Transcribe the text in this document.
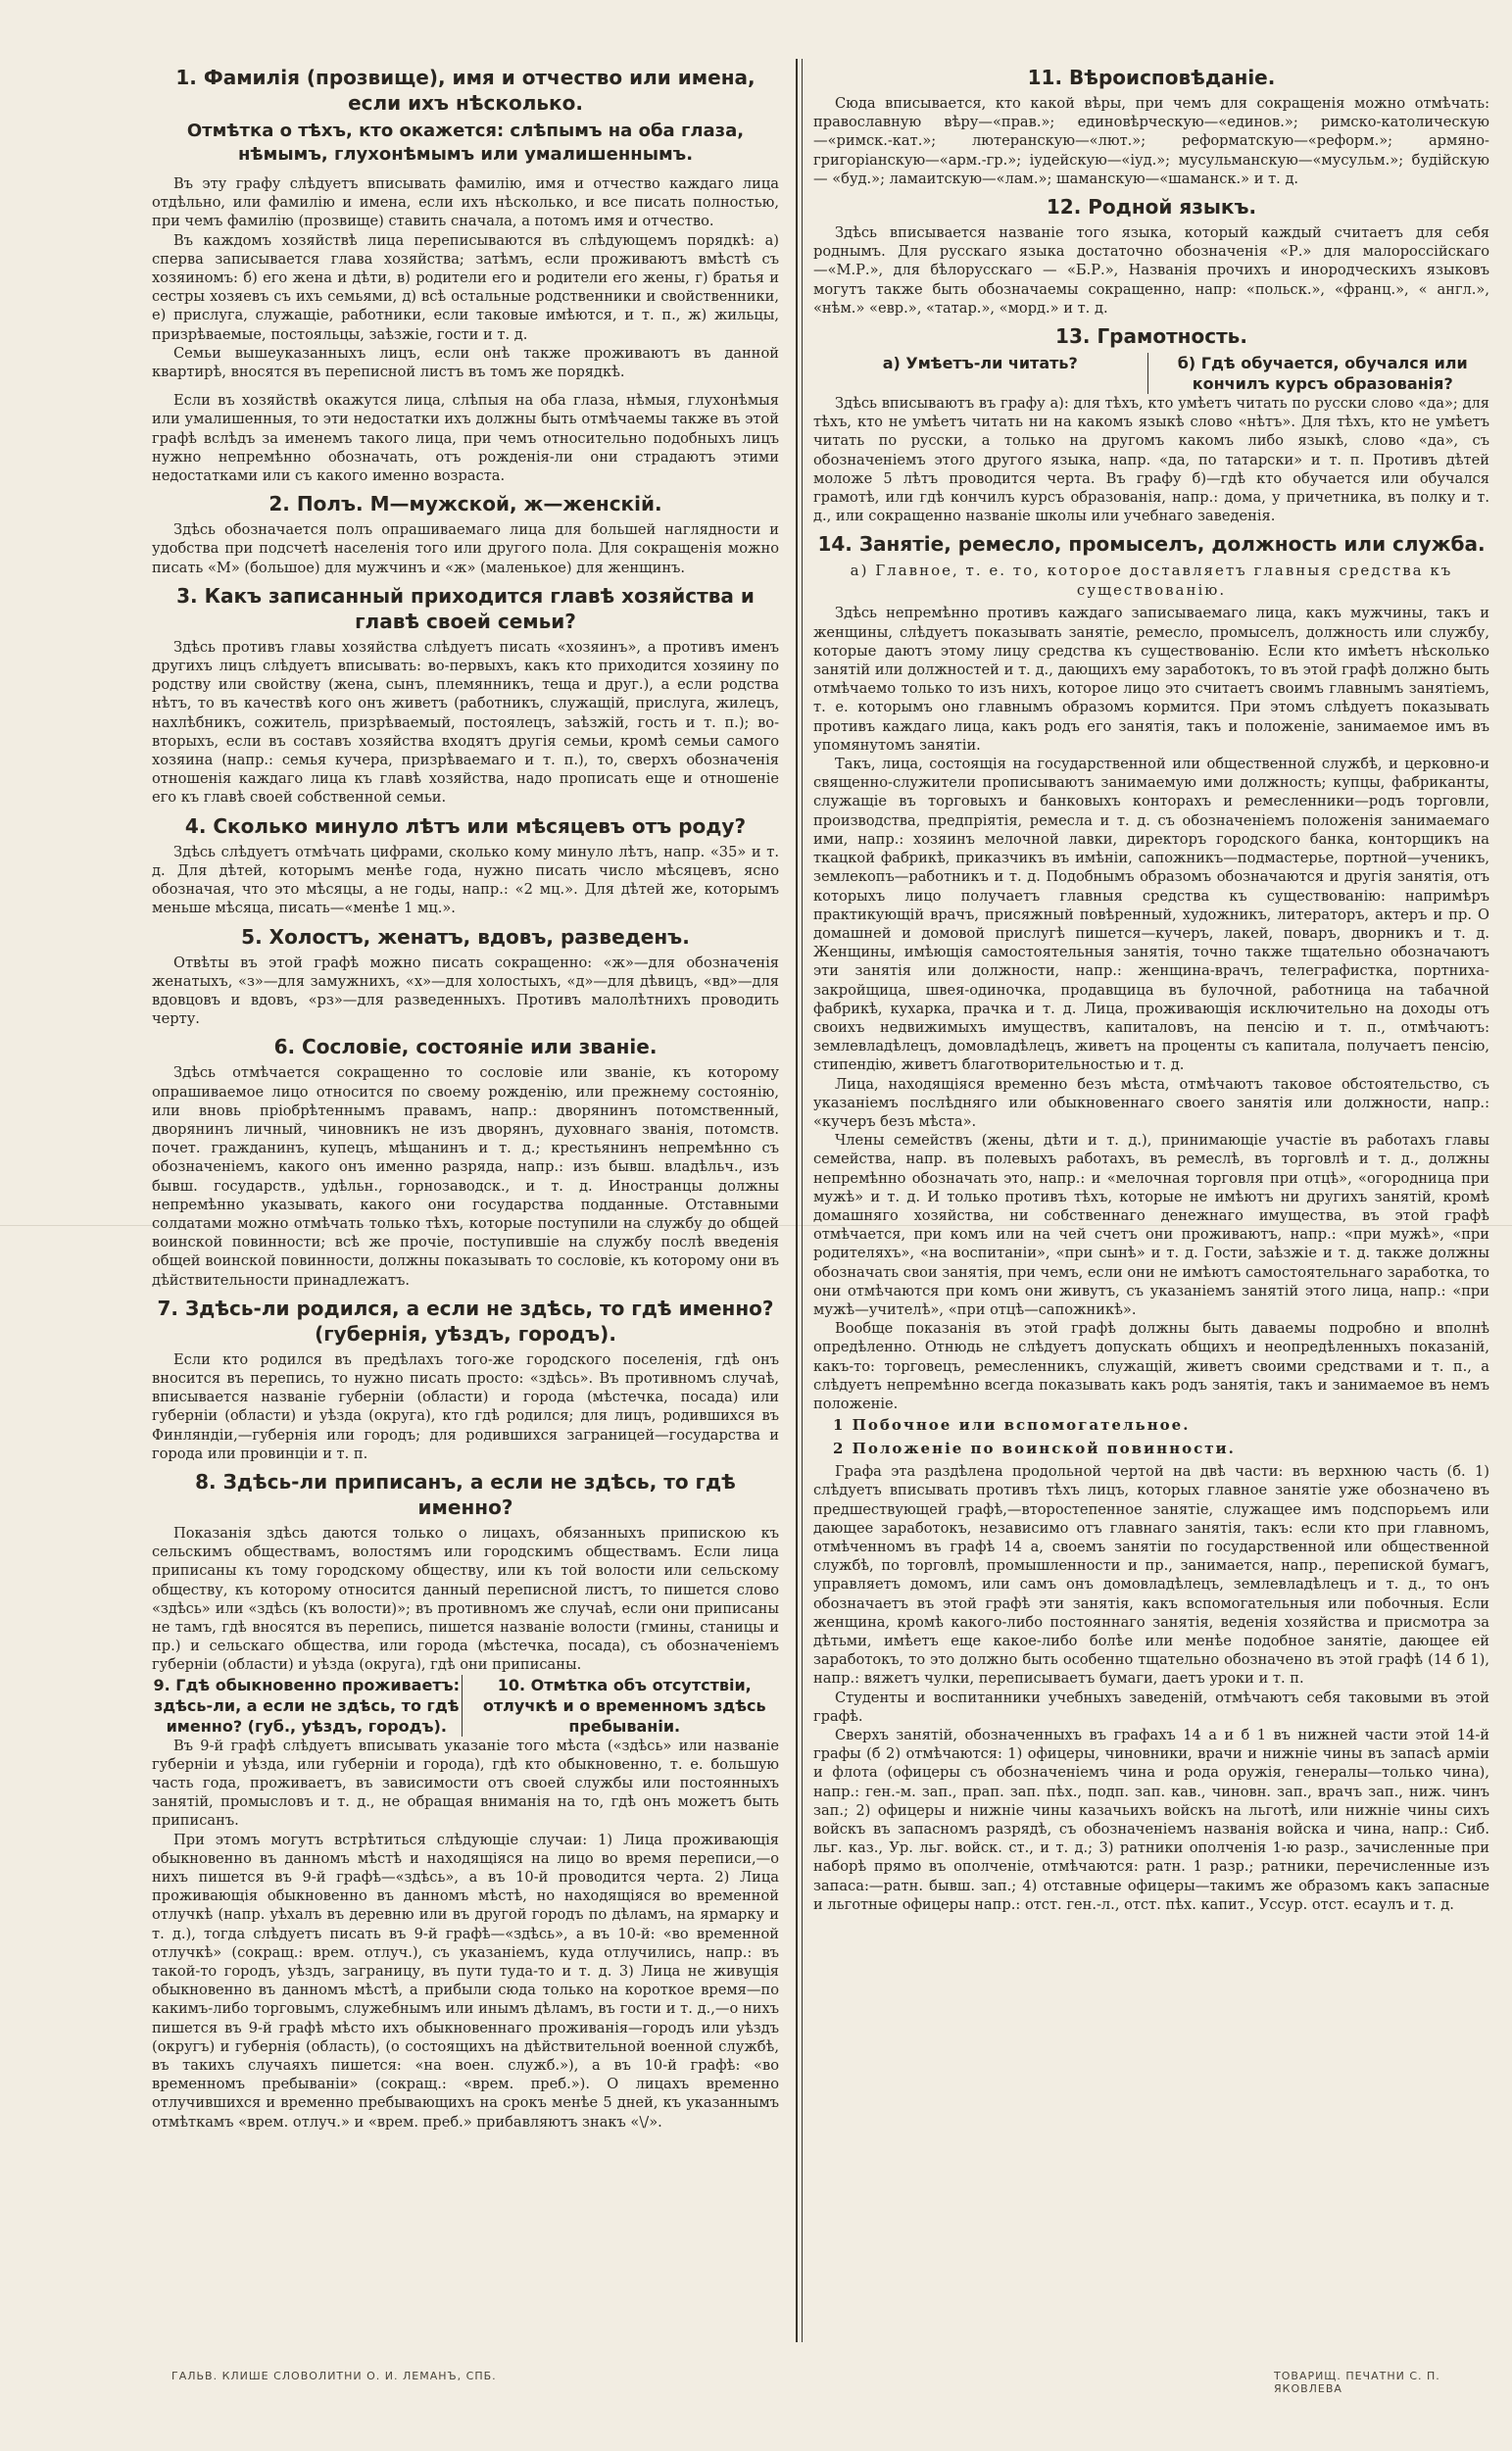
1. Фамилія (прозвище), имя и отчество или имена, если ихъ нѣсколько.
Отмѣтка о тѣхъ, кто окажется: слѣпымъ на оба глаза, нѣмымъ, глухонѣмымъ или умалишеннымъ.

Въ эту графу слѣдуетъ вписывать фамилію, имя и отчество каждаго лица отдѣльно, или фамилію и имена, если ихъ нѣсколько, и все писать полностью, при чемъ фамилію (прозвище) ставить сначала, а потомъ имя и отчество.

Въ каждомъ хозяйствѣ лица переписываются въ слѣдующемъ порядкѣ: а) сперва записывается глава хозяйства; затѣмъ, если проживаютъ вмѣстѣ съ хозяиномъ: б) его жена и дѣти, в) родители его и родители его жены, г) братья и сестры хозяевъ съ ихъ семьями, д) всѣ остальные родственники и свойственники, е) прислуга, служащіе, работники, если таковые имѣются, и т. п., ж) жильцы, призрѣваемые, постояльцы, заѣзжіе, гости и т. д.

Семьи вышеуказанныхъ лицъ, если онѣ также проживаютъ въ данной квартирѣ, вносятся въ переписной листъ въ томъ же порядкѣ.

Если въ хозяйствѣ окажутся лица, слѣпыя на оба глаза, нѣмыя, глухонѣмыя или умалишенныя, то эти недостатки ихъ должны быть отмѣчаемы также въ этой графѣ вслѣдъ за именемъ такого лица, при чемъ относительно подобныхъ лицъ нужно непремѣнно обозначать, отъ рожденія-ли они страдаютъ этими недостатками или съ какого именно возраста.

2. Полъ. М—мужской, ж—женскій.

Здѣсь обозначается полъ опрашиваемаго лица для большей наглядности и удобства при подсчетѣ населенія того или другого пола. Для сокращенія можно писать «М» (большое) для мужчинъ и «ж» (маленькое) для женщинъ.

3. Какъ записанный приходится главѣ хозяйства и главѣ своей семьи?

Здѣсь противъ главы хозяйства слѣдуетъ писать «хозяинъ», а противъ именъ другихъ лицъ слѣдуетъ вписывать: во-первыхъ, какъ кто приходится хозяину по родству или свойству (жена, сынъ, племянникъ, теща и друг.), а если родства нѣтъ, то въ качествѣ кого онъ живетъ (работникъ, служащій, прислуга, жилецъ, нахлѣбникъ, сожитель, призрѣваемый, постоялецъ, заѣзжій, гость и т. п.); во-вторыхъ, если въ составъ хозяйства входятъ другія семьи, кромѣ семьи самого хозяина (напр.: семья кучера, призрѣваемаго и т. п.), то, сверхъ обозначенія отношенія каждаго лица къ главѣ хозяйства, надо прописать еще и отношеніе его къ главѣ своей собственной семьи.

4. Сколько минуло лѣтъ или мѣсяцевъ отъ роду?

Здѣсь слѣдуетъ отмѣчать цифрами, сколько кому минуло лѣтъ, напр. «35» и т. д. Для дѣтей, которымъ менѣе года, нужно писать число мѣсяцевъ, ясно обозначая, что это мѣсяцы, а не годы, напр.: «2 мц.». Для дѣтей же, которымъ меньше мѣсяца, писать—«менѣе 1 мц.».

5. Холостъ, женатъ, вдовъ, разведенъ.

Отвѣты въ этой графѣ можно писать сокращенно: «ж»—для обозначенія женатыхъ, «з»—для замужнихъ, «х»—для холостыхъ, «д»—для дѣвицъ, «вд»—для вдовцовъ и вдовъ, «рз»—для разведенныхъ. Противъ малолѣтнихъ проводить черту.

6. Сословіе, состояніе или званіе.

Здѣсь отмѣчается сокращенно то сословіе или званіе, къ которому опрашиваемое лицо относится по своему рожденію, или прежнему состоянію, или вновь пріобрѣтеннымъ правамъ, напр.: дворянинъ потомственный, дворянинъ личный, чиновникъ не изъ дворянъ, духовнаго званія, потомств. почет. гражданинъ, купецъ, мѣщанинъ и т. д.; крестьянинъ непремѣнно съ обозначеніемъ, какого онъ именно разряда, напр.: изъ бывш. владѣльч., изъ бывш. государств., удѣльн., горнозаводск., и т. д. Иностранцы должны непремѣнно указывать, какого они государства подданные. Отставными солдатами можно отмѣчать только тѣхъ, которые поступили на службу до общей воинской повинности; всѣ же прочіе, поступившіе на службу послѣ введенія общей воинской повинности, должны показывать то сословіе, къ которому они въ дѣйствительности принадлежатъ.

7. Здѣсь-ли родился, а если не здѣсь, то гдѣ именно? (губернія, уѣздъ, городъ).

Если кто родился въ предѣлахъ того-же городского поселенія, гдѣ онъ вносится въ перепись, то нужно писать просто: «здѣсь». Въ противномъ случаѣ, вписывается названіе губерніи (области) и города (мѣстечка, посада) или губерніи (области) и уѣзда (округа), кто гдѣ родился; для лицъ, родившихся въ Финляндіи,—губернія или городъ; для родившихся заграницей—государства и города или провинціи и т. п.

8. Здѣсь-ли приписанъ, а если не здѣсь, то гдѣ именно?

Показанія здѣсь даются только о лицахъ, обязанныхъ припискою къ сельскимъ обществамъ, волостямъ или городскимъ обществамъ. Если лица приписаны къ тому городскому обществу, или къ той волости или сельскому обществу, къ которому относится данный переписной листъ, то пишется слово «здѣсь» или «здѣсь (къ волости)»; въ противномъ же случаѣ, если они приписаны не тамъ, гдѣ вносятся въ перепись, пишется названіе волости (гмины, станицы и пр.) и сельскаго общества, или города (мѣстечка, посада), съ обозначеніемъ губерніи (области) и уѣзда (округа), гдѣ они приписаны.

9. Гдѣ обыкновенно проживаетъ: здѣсь-ли, а если не здѣсь, то гдѣ именно? (губ., уѣздъ, городъ).
10. Отмѣтка объ отсутствіи, отлучкѣ и о временномъ здѣсь пребываніи.

Въ 9-й графѣ слѣдуетъ вписывать указаніе того мѣста («здѣсь» или названіе губерніи и уѣзда, или губерніи и города), гдѣ кто обыкновенно, т. е. большую часть года, проживаетъ, въ зависимости отъ своей службы или постоянныхъ занятій, промысловъ и т. д., не обращая вниманія на то, гдѣ онъ можетъ быть приписанъ.

При этомъ могутъ встрѣтиться слѣдующіе случаи: 1) Лица проживающія обыкновенно въ данномъ мѣстѣ и находящіяся на лицо во время переписи,—о нихъ пишется въ 9-й графѣ—«здѣсь», а въ 10-й проводится черта. 2) Лица проживающія обыкновенно въ данномъ мѣстѣ, но находящіяся во временной отлучкѣ (напр. уѣхалъ въ деревню или въ другой городъ по дѣламъ, на ярмарку и т. д.), тогда слѣдуетъ писать въ 9-й графѣ—«здѣсь», а въ 10-й: «во временной отлучкѣ» (сокращ.: врем. отлуч.), съ указаніемъ, куда отлучились, напр.: въ такой-то городъ, уѣздъ, заграницу, въ пути туда-то и т. д. 3) Лица не живущія обыкновенно въ данномъ мѣстѣ, а прибыли сюда только на короткое время—по какимъ-либо торговымъ, служебнымъ или инымъ дѣламъ, въ гости и т. д.,—о нихъ пишется въ 9-й графѣ мѣсто ихъ обыкновеннаго проживанія—городъ или уѣздъ (округъ) и губернія (область), (о состоящихъ на дѣйствительной военной службѣ, въ такихъ случаяхъ пишется: «на воен. служб.»), а въ 10-й графѣ: «во временномъ пребываніи» (сокращ.: «врем. преб.»). О лицахъ временно отлучившихся и временно пребывающихъ на срокъ менѣе 5 дней, къ указаннымъ отмѣткамъ «врем. отлуч.» и «врем. преб.» прибавляютъ знакъ «\/».

11. Вѣроисповѣданіе.

Сюда вписывается, кто какой вѣры, при чемъ для сокращенія можно отмѣчать: православную вѣру—«прав.»; единовѣрческую—«единов.»; римско-католическую—«римск.-кат.»; лютеранскую—«лют.»; реформатскую—«реформ.»; армяно-григоріанскую—«арм.-гр.»; іудейскую—«іуд.»; мусульманскую—«мусульм.»; будійскую — «буд.»; ламаитскую—«лам.»; шаманскую—«шаманск.» и т. д.

12. Родной языкъ.

Здѣсь вписывается названіе того языка, который каждый считаетъ для себя роднымъ. Для русскаго языка достаточно обозначенія «Р.» для малороссійскаго—«М.Р.», для бѣлорусскаго — «Б.Р.», Названія прочихъ и инородческихъ языковъ могутъ также быть обозначаемы сокращенно, напр: «польск.», «франц.», « англ.», «нѣм.» «евр.», «татар.», «морд.» и т. д.

13. Грамотность.
а) Умѣетъ-ли читать?	б) Гдѣ обучается, обучался или кончилъ курсъ образованія?

Здѣсь вписываютъ въ графу а): для тѣхъ, кто умѣетъ читать по русски слово «да»; для тѣхъ, кто не умѣетъ читать ни на какомъ языкѣ слово «нѣтъ». Для тѣхъ, кто не умѣетъ читать по русски, а только на другомъ какомъ либо языкѣ, слово «да», съ обозначеніемъ этого другого языка, напр. «да, по татарски» и т. п. Противъ дѣтей моложе 5 лѣтъ проводится черта. Въ графу б)—гдѣ кто обучается или обучался грамотѣ, или гдѣ кончилъ курсъ образованія, напр.: дома, у причетника, въ полку и т. д., или сокращенно названіе школы или учебнаго заведенія.

14. Занятіе, ремесло, промыселъ, должность или служба.
а) Главное, т. е. то, которое доставляетъ главныя средства къ существованію.

Здѣсь непремѣнно противъ каждаго записываемаго лица, какъ мужчины, такъ и женщины, слѣдуетъ показывать занятіе, ремесло, промыселъ, должность или службу, которые даютъ этому лицу средства къ существованію. Если кто имѣетъ нѣсколько занятій или должностей и т. д., дающихъ ему заработокъ, то въ этой графѣ должно быть отмѣчаемо только то изъ нихъ, которое лицо это считаетъ своимъ главнымъ занятіемъ, т. е. которымъ оно главнымъ образомъ кормится. При этомъ слѣдуетъ показывать противъ каждаго лица, какъ родъ его занятія, такъ и положеніе, занимаемое имъ въ упомянутомъ занятіи.

Такъ, лица, состоящія на государственной или общественной службѣ, и церковно-и священно-служители прописываютъ занимаемую ими должность; купцы, фабриканты, служащіе въ торговыхъ и банковыхъ конторахъ и ремесленники—родъ торговли, производства, предпріятія, ремесла и т. д. съ обозначеніемъ положенія занимаемаго ими, напр.: хозяинъ мелочной лавки, директоръ городского банка, конторщикъ на ткацкой фабрикѣ, приказчикъ въ имѣніи, сапожникъ—подмастерье, портной—ученикъ, землекопъ—работникъ и т. д. Подобнымъ образомъ обозначаются и другія занятія, отъ которыхъ лицо получаетъ главныя средства къ существованію: напримѣръ практикующій врачъ, присяжный повѣренный, художникъ, литераторъ, актеръ и пр. О домашней и домовой прислугѣ пишется—кучеръ, лакей, поваръ, дворникъ и т. д. Женщины, имѣющія самостоятельныя занятія, точно также тщательно обозначаютъ эти занятія или должности, напр.: женщина-врачъ, телеграфистка, портниха-закройщица, швея-одиночка, продавщица въ булочной, работница на табачной фабрикѣ, кухарка, прачка и т. д. Лица, проживающія исключительно на доходы отъ своихъ недвижимыхъ имуществъ, капиталовъ, на пенсію и т. п., отмѣчаютъ: землевладѣлецъ, домовладѣлецъ, живетъ на проценты съ капитала, получаетъ пенсію, стипендію, живетъ благотворительностью и т. д.

Лица, находящіяся временно безъ мѣста, отмѣчаютъ таковое обстоятельство, съ указаніемъ послѣдняго или обыкновеннаго своего занятія или должности, напр.: «кучеръ безъ мѣста».

Члены семействъ (жены, дѣти и т. д.), принимающіе участіе въ работахъ главы семейства, напр. въ полевыхъ работахъ, въ ремеслѣ, въ торговлѣ и т. д., должны непремѣнно обозначать это, напр.: и «мелочная торговля при отцѣ», «огородница при мужѣ» и т. д. И только противъ тѣхъ, которые не имѣютъ ни другихъ занятій, кромѣ домашняго хозяйства, ни собственнаго денежнаго имущества, въ этой графѣ отмѣчается, при комъ или на чей счетъ они проживаютъ, напр.: «при мужѣ», «при родителяхъ», «на воспитаніи», «при сынѣ» и т. д. Гости, заѣзжіе и т. д. также должны обозначать свои занятія, при чемъ, если они не имѣютъ самостоятельнаго заработка, то они отмѣчаются при комъ они живутъ, съ указаніемъ занятій этого лица, напр.: «при мужѣ—учителѣ», «при отцѣ—сапожникѣ».

Вообще показанія въ этой графѣ должны быть даваемы подробно и вполнѣ опредѣленно. Отнюдь не слѣдуетъ допускать общихъ и неопредѣленныхъ показаній, какъ-то: торговецъ, ремесленникъ, служащій, живетъ своими средствами и т. п., а слѣдуетъ непремѣнно всегда показывать какъ родъ занятія, такъ и занимаемое въ немъ положеніе.

1 Побочное или вспомогательное.
2 Положеніе по воинской повинности.

Графа эта раздѣлена продольной чертой на двѣ части: въ верхнюю часть (б. 1) слѣдуетъ вписывать противъ тѣхъ лицъ, которых главное занятіе уже обозначено въ предшествующей графѣ,—второстепенное занятіе, служащее имъ подспорьемъ или дающее заработокъ, независимо отъ главнаго занятія, такъ: если кто при главномъ, отмѣченномъ въ графѣ 14 а, своемъ занятіи по государственной или общественной службѣ, по торговлѣ, промышленности и пр., занимается, напр., перепиской бумагъ, управляетъ домомъ, или самъ онъ домовладѣлецъ, землевладѣлецъ и т. д., то онъ обозначаетъ въ этой графѣ эти занятія, какъ вспомогательныя или побочныя. Если женщина, кромѣ какого-либо постояннаго занятія, веденія хозяйства и присмотра за дѣтьми, имѣетъ еще какое-либо болѣе или менѣе подобное занятіе, дающее ей заработокъ, то это должно быть особенно тщательно обозначено въ этой графѣ (14 б 1), напр.: вяжетъ чулки, переписываетъ бумаги, даетъ уроки и т. п.

Студенты и воспитанники учебныхъ заведеній, отмѣчаютъ себя таковыми въ этой графѣ.

Сверхъ занятій, обозначенныхъ въ графахъ 14 а и б 1 въ нижней части этой 14-й графы (б 2) отмѣчаются: 1) офицеры, чиновники, врачи и нижніе чины въ запасѣ арміи и флота (офицеры съ обозначеніемъ чина и рода оружія, генералы—только чина), напр.: ген.-м. зап., прап. зап. пѣх., подп. зап. кав., чиновн. зап., врачъ зап., ниж. чинъ зап.; 2) офицеры и нижніе чины казачьихъ войскъ на льготѣ, или нижніе чины сихъ войскъ въ запасномъ разрядѣ, съ обозначеніемъ названія войска и чина, напр.: Сиб. льг. каз., Ур. льг. войск. ст., и т. д.; 3) ратники ополченія 1-ю разр., зачисленные при наборѣ прямо въ ополченіе, отмѣчаются: ратн. 1 разр.; ратники, перечисленные изъ запаса:—ратн. бывш. зап.; 4) отставные офицеры—такимъ же образомъ какъ запасные и льготные офицеры напр.: отст. ген.-л., отст. пѣх. капит., Уссур. отст. есаулъ и т. д.

ГАЛЬВ. КЛИШЕ СЛОВОЛИТНИ О. И. ЛЕМАНЪ, СПБ.	ТОВАРИЩ. ПЕЧАТНИ С. П. ЯКОВЛЕВА
